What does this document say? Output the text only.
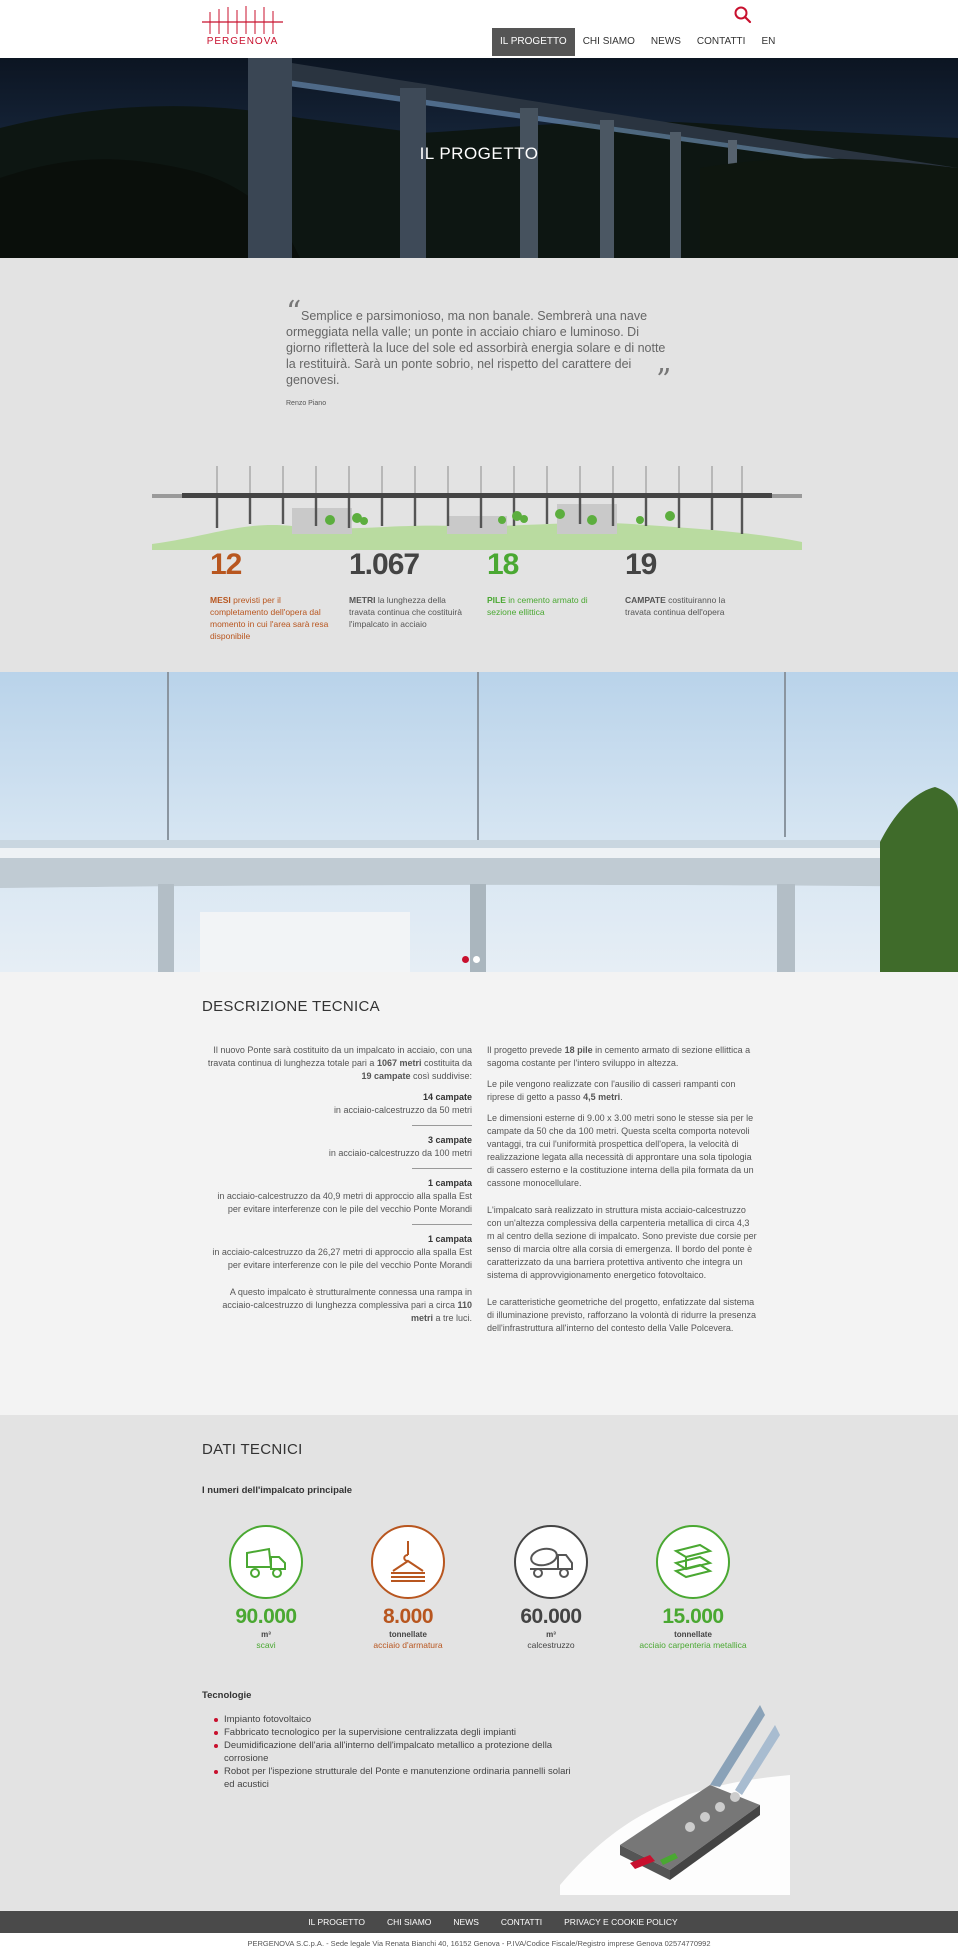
PERGENOVA	IL PROGETTO	CHI SIAMO	NEWS	CONTATTI	EN
IL PROGETTO
“ Semplice e parsimonioso, ma non banale. Sembrerà una nave ormeggiata nella valle; un ponte in acciaio chiaro e luminoso. Di giorno rifletterà la luce del sole ed assorbirà energia solare e di notte la restituirà. Sarà un ponte sobrio, nel rispetto del carattere dei genovesi.

Renzo Piano

”
12
MESI previsti per il completamento dell'opera dal momento in cui l'area sarà resa disponibile
1.067
METRI la lunghezza della travata continua che costituirà l'impalcato in acciaio
18
PILE in cemento armato di sezione ellittica
19
CAMPATE costituiranno la travata continua dell'opera
DESCRIZIONE TECNICA

Il nuovo Ponte sarà costituito da un impalcato in acciaio, con una travata continua di lunghezza totale pari a 1067 metri costituita da 19 campate così suddivise:

14 campate
in acciaio-calcestruzzo da 50 metri
3 campate
in acciaio-calcestruzzo da 100 metri
1 campata
in acciaio-calcestruzzo da 40,9 metri di approccio alla spalla Est per evitare interferenze con le pile del vecchio Ponte Morandi
1 campata
in acciaio-calcestruzzo da 26,27 metri di approccio alla spalla Est per evitare interferenze con le pile del vecchio Ponte Morandi

A questo impalcato è strutturalmente connessa una rampa in acciaio-calcestruzzo di lunghezza complessiva pari a circa 110 metri a tre luci.

Il progetto prevede 18 pile in cemento armato di sezione ellittica a sagoma costante per l'intero sviluppo in altezza.

Le pile vengono realizzate con l'ausilio di casseri rampanti con riprese di getto a passo 4,5 metri.

Le dimensioni esterne di 9.00 x 3.00 metri sono le stesse sia per le campate da 50 che da 100 metri. Questa scelta comporta notevoli vantaggi, tra cui l'uniformità prospettica dell'opera, la velocità di realizzazione legata alla necessità di approntare una sola tipologia di cassero esterno e la costituzione interna della pila formata da un cassone monocellulare.

L'impalcato sarà realizzato in struttura mista acciaio-calcestruzzo con un'altezza complessiva della carpenteria metallica di circa 4,3 m al centro della sezione di impalcato. Sono previste due corsie per senso di marcia oltre alla corsia di emergenza. Il bordo del ponte è caratterizzato da una barriera protettiva antivento che integra un sistema di approvvigionamento energetico fotovoltaico.

Le caratteristiche geometriche del progetto, enfatizzate dal sistema di illuminazione previsto, rafforzano la volontà di ridurre la presenza dell'infrastruttura all'interno del contesto della Valle Polcevera.

DATI TECNICI
I numeri dell'impalcato principale
90.000
m³
scavi
8.000
tonnellate
acciaio d'armatura
60.000
m³
calcestruzzo
15.000
tonnellate
acciaio carpenteria metallica
Tecnologie
Impianto fotovoltaico
Fabbricato tecnologico per la supervisione centralizzata degli impianti
Deumidificazione dell'aria all'interno dell'impalcato metallico a protezione della corrosione
Robot per l'ispezione strutturale del Ponte e manutenzione ordinaria pannelli solari ed acustici
IL PROGETTO	CHI SIAMO	NEWS	CONTATTI	PRIVACY E COOKIE POLICY
PERGENOVA S.C.p.A. - Sede legale Via Renata Bianchi 40, 16152 Genova - P.IVA/Codice Fiscale/Registro imprese Genova 02574770992
